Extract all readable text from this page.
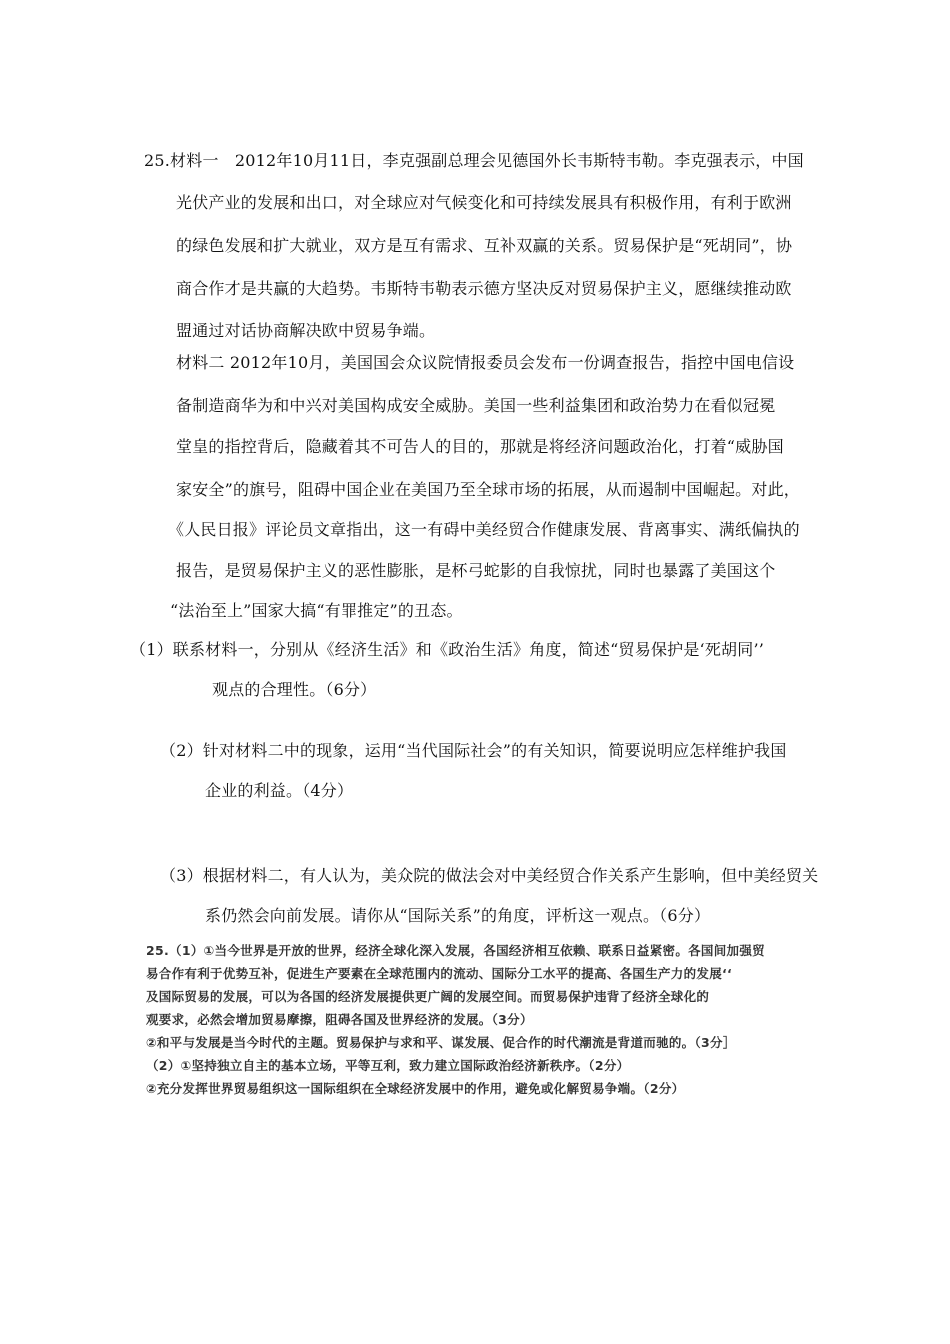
25.材料一　2012年10月11日，李克强副总理会见德国外长韦斯特韦勒。李克强表示，中国
光伏产业的发展和出口，对全球应对气候变化和可持续发展具有积极作用，有利于欧洲
的绿色发展和扩大就业，双方是互有需求、互补双赢的关系。贸易保护是“死胡同”，协
商合作才是共赢的大趋势。韦斯特韦勒表示德方坚决反对贸易保护主义，愿继续推动欧
盟通过对话协商解决欧中贸易争端。
材料二 2012年10月，美国国会众议院情报委员会发布一份调查报告，指控中国电信设
备制造商华为和中兴对美国构成安全威胁。美国一些利益集团和政治势力在看似冠冕
堂皇的指控背后，隐藏着其不可告人的目的，那就是将经济问题政治化，打着“威胁国
家安全”的旗号，阻碍中国企业在美国乃至全球市场的拓展，从而遏制中国崛起。对此，
《人民日报》评论员文章指出，这一有碍中美经贸合作健康发展、背离事实、满纸偏执的
报告，是贸易保护主义的恶性膨胀，是杯弓蛇影的自我惊扰，同时也暴露了美国这个
“法治至上”国家大搞“有罪推定”的丑态。
（1）联系材料一，分别从《经济生活》和《政治生活》角度，简述“贸易保护是‘死胡同’’
观点的合理性。（6分）
（2）针对材料二中的现象，运用“当代国际社会”的有关知识，简要说明应怎样维护我国
企业的利益。（4分）
（3）根据材料二，有人认为，美众院的做法会对中美经贸合作关系产生影响，但中美经贸关
系仍然会向前发展。请你从“国际关系”的角度，评析这一观点。（6分）
25.（1）①当今世界是开放的世界，经济全球化深入发展，各国经济相互依赖、联系日益紧密。各国间加强贸
易合作有利于优势互补，促进生产要素在全球范围内的流动、国际分工水平的提高、各国生产力的发展‘‘
及国际贸易的发展，可以为各国的经济发展提供更广阔的发展空间。而贸易保护违背了经济全球化的
观要求，必然会增加贸易摩擦，阻碍各国及世界经济的发展。（3分）
②和平与发展是当今时代的主题。贸易保护与求和平、谋发展、促合作的时代潮流是背道而驰的。（3分］
（2）①坚持独立自主的基本立场，平等互利，致力建立国际政治经济新秩序。（2分）
②充分发挥世界贸易组织这一国际组织在全球经济发展中的作用，避免或化解贸易争端。（2分）
